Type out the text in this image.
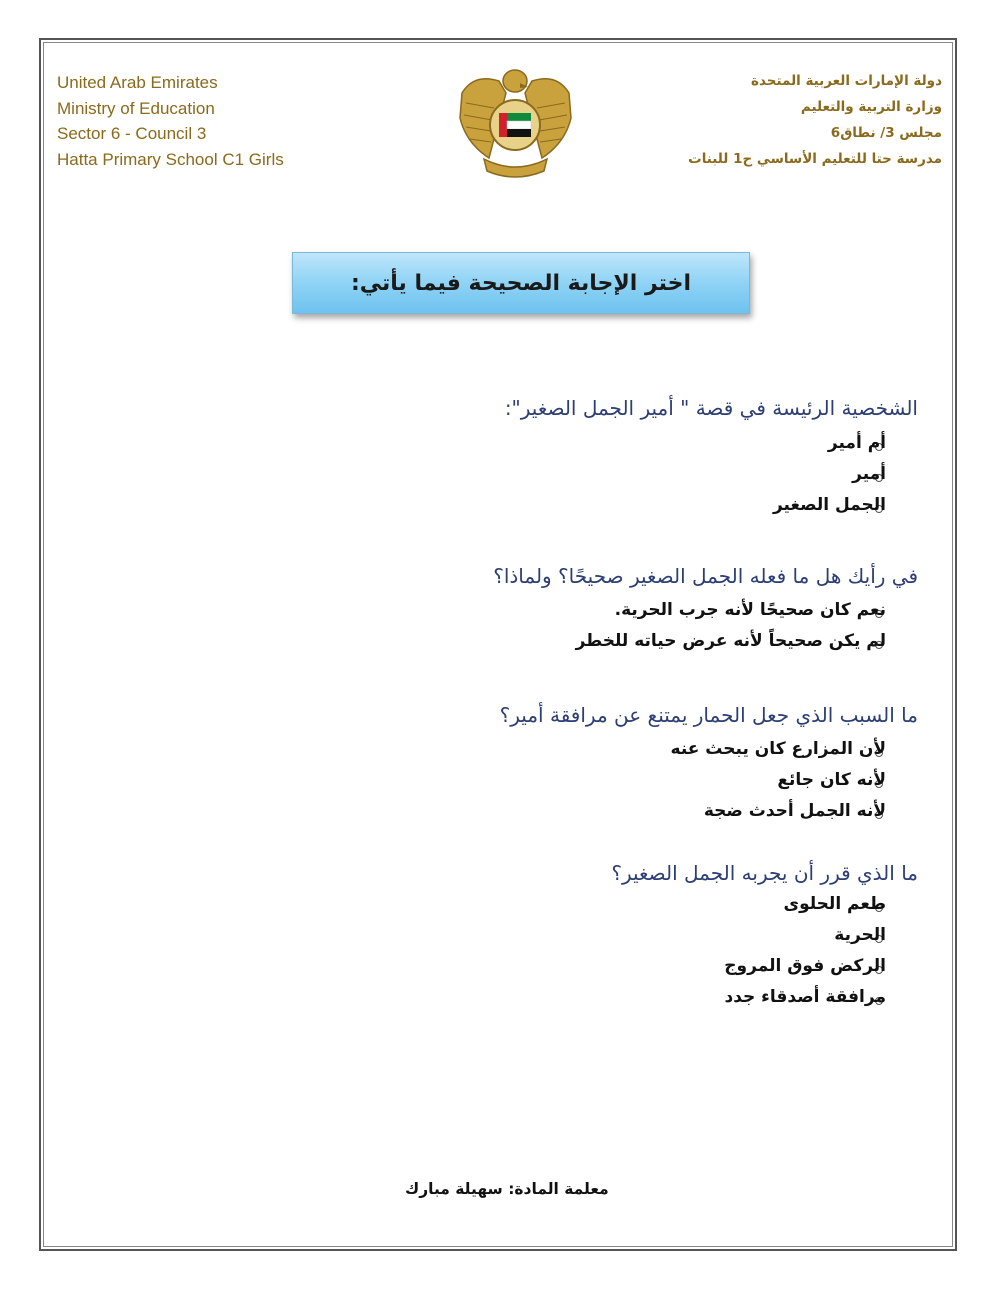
United Arab Emirates
Ministry of Education
Sector 6 - Council 3
Hatta Primary School C1 Girls
دولة الإمارات العربية المتحدة
وزارة التربية والتعليم
مجلس 3/ نطاق6
مدرسة حتا للتعليم الأساسي ح1 للبنات
اختر الإجابة الصحيحة فيما يأتي:
الشخصية الرئيسة في قصة " أمير الجمل الصغير":
أم أمير
أمير
الجمل الصغير
في رأيك هل ما فعله الجمل الصغير صحيحًا؟ ولماذا؟
نعم كان صحيحًا لأنه جرب الحرية.
لم يكن صحيحاً لأنه عرض حياته للخطر
ما السبب الذي جعل الحمار يمتنع عن مرافقة أمير؟
لأن المزارع كان يبحث عنه
لأنه كان جائع
لأنه الجمل أحدث ضجة
ما الذي قرر أن يجربه الجمل الصغير؟
طعم الحلوى
الحرية
الركض فوق المروج
مرافقة أصدقاء جدد
معلمة المادة: سهيلة مبارك
